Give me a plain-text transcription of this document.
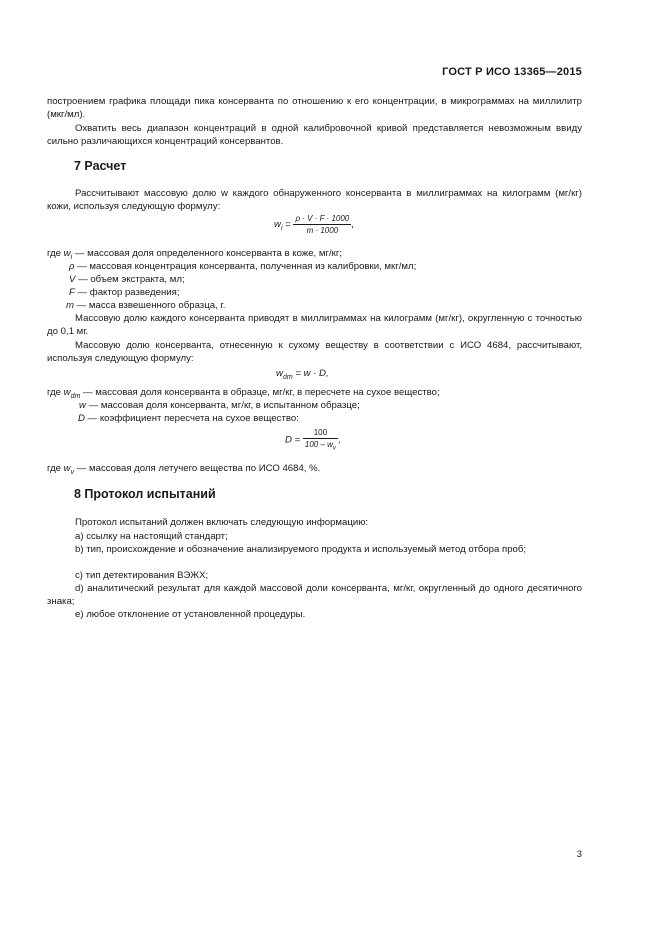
ГОСТ Р ИСО 13365—2015
построением графика площади пика консерванта по отношению к его концентрации, в микрограммах на миллилитр (мкг/мл).
Охватить весь диапазон концентраций в одной калибровочной кривой представляется невозможным ввиду сильно различающихся концентраций консервантов.
7 Расчет
Рассчитывают массовую долю w каждого обнаруженного консерванта в миллиграммах на килограмм (мг/кг) кожи, используя следующую формулу:
$w_i = \frac{\rho \cdot V \cdot F \cdot 1000}{m \cdot 1000}$ ,
где $w_i$ — массовая доля определенного консерванта в коже, мг/кг;
ρ — массовая концентрация консерванта, полученная из калибровки, мкг/мл;
V — объем экстракта, мл;
F — фактор разведения;
m — масса взвешенного образца, г.
Массовую долю каждого консерванта приводят в миллиграммах на килограмм (мг/кг), округленную с точностью до 0,1 мг.
Массовую долю консерванта, отнесенную к сухому веществу в соответствии с ИСО 4684, рассчитывают, используя следующую формулу:
$w_{dm} = w \cdot D$,
где $w_{dm}$ — массовая доля консерванта в образце, мг/кг, в пересчете на сухое вещество;
w — массовая доля консерванта, мг/кг, в испытанном образце;
D — коэффициент пересчета на сухое вещество:
$D = \frac{100}{100 - w_v}$ ,
где $w_v$ — массовая доля летучего вещества по ИСО 4684, %.
8 Протокол испытаний
Протокол испытаний должен включать следующую информацию:
a) ссылку на настоящий стандарт;
b) тип, происхождение и обозначение анализируемого продукта и используемый метод отбора проб;
c) тип детектирования ВЭЖХ;
d) аналитический результат для каждой массовой доли консерванта, мг/кг, округленный до одного десятичного знака;
e) любое отклонение от установленной процедуры.
3
